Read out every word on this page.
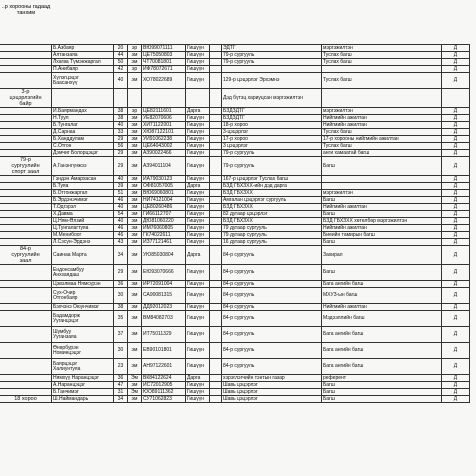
..р хорооны гадаад танхим
	Б.Азбаяр	20	эр	ВЮ99071111	Гишүүн		ЭДТГ	мэргэжилтэн	Д
	Алтанзаяа	44	эм	ЦЕ75050803	Гишүүн		79-р сургууль	Туслах багш	Д
	Лхагва Түмэнжаргал	50	эм	ЧТ70081801	Гишүүн		79-р сургууль	Туслах багш	Д
	П.Анибаяр	42	эр	ИФ78072671	Гишүүн				Д
	Хүлэгцэцэг
Баасанхүү	40	эм	ХО78022689	Гишүүн		129-р цэцэрлэг Эрхэмнэ	Туслах багш	Д
3-р
цэцэрлэгийн
байр							Дэд бүтэц хариуцсан мэргэжилтэн		
	И.Баярмандах	38	эр	ЦЕ82111601	Дарга		БЗДЗДТГ	мэргэжилтэн	Д
	Н.Туул	38	эм	УЕ82070606	Гишүүн		БЗДЗДТГ	Нийгмийн ажилтан	Д
	Б.Тунгалаг	40	эм	ХИ71122001	Гишүүн		18-р хороо	Нийгмийн ажилтан	Д
	Д.Сарнаа	33	эм	ХЮ87122101	Гишүүн		3-цэцэрлэг	Туслах багш	Д
	Б.Ханддулам	29	эм	УИ91062238	Гишүүн		17-р хороо	17-р хорооны нийгмийн ажилтан	Д
	С.Отгон	56	эм	ЦЕ64043002	Гишүүн		3 цэцэрлэг	Туслах багш	Д
	Дэмчиг Болорцэцэг	29	эм	АЗ90022466	Гишүүн		79-р сургууль	анги хамаатай багш	Д
79-р
сургуулийн
спорт заал	А.Ганэнгүнжээ	29	эм	АЗ94011104	Гишүүн		79-р сургууль	Багш	Д
	Гэндэн Амархасан	40	эм	ИА79030123	Гишүүн		167-р цэцэрлэг Туслах багш		Д
	Б.Туяа	39	эм	ОФ81057005	Дарга		БЗД ГБХЗХХ-ийн дэд дарга		Д
	Б.Отгонжаргал	51	эм	ВЮ69060801	Гишүүн		БЗД ГБХЗХХ	мэргэжилтэн	Д
	Б.Эрдэнэчимэг	46	эм	НИ74121004	Гишүүн		Амгалан цэцэрлэг сургууль	Багш	Д
	Т.Одгэрэл	40	эм	ЦЕ80260486	Гишүүн		БЗД ГБХЗХХ	Нийгмийн ажилтан	Д
	Х.Давма	54	эм	ГИ66112707	Гишүүн		82 дугаар цэцэрлэг	Багш	Д
	Ц.Ням-Өлзий	40	эм	ДЮ81060220	Гишүүн		БЗД ГБХЗХХ	БЗД ГБХЗХХ хөтөлбөр мэргэжилтэн	Д
	Ц.Тунгалагтуяа	46	эм	ИМ76060805	Гишүүн		79 дугаар сургууль	Нийгмийн ажилтан	Д
	М.Менибоог	46	эм	ГК74022611	Гишүүн		79 дугаар сургууль	Биеийн тамирын багш	Д
	Л.Сэсүн-Эрдэнэ	43	эм	ИЗ77121461	Гишүүн		16 дугаар сургууль	Багш	Д
84-р
сургуулийн
заал	Саинаа Марта	34	эм	УЮ85030804	Дарга		84-р сургууль	Захирал	Д
	Ендонсамбуу
Анхзаядаш	29	эм	ЕЮ93070666	Гишүүн		84-р сургууль	Багш	Д
	Цэвэлмаа Нямсүрэн	36	эм	ЙР72091004	Гишүүн		84-р сургууль	Бага ангийн багш	Д
	Сүх-Очир
Отгонбаяр	30	эм	СА90081315	Гишүүн		84-р сургууль	МХУЗ-ын багш	Д
	Бэхчэнэ Оюунчимэг	38	эм	ДД92012023	Гишүүн		84-р сургууль	Нийгмийн ажилтан	Д
	Бадамдорж
Ууганцэцэг	35	эм	ВМ84082703	Гишүүн		84-р сургууль	Мэдээллийн багш	Д
	Шумбуу
Ууганзаяа	37	эм	ИТ75011329	Гишүүн		84-р сургууль	Бага ангийн багш	Д
	Өнөрбурэн
Номинцэцэг	30	эм	ЕВ90101801	Гишүүн		84-р сургууль	Бага ангийн багш	Д
	Баярцэцэг
Халиунтуяа	23	эм	АН97122601	Гишүүн		84-р сургууль	Бага ангийн багш	Д
	Нямхүү Наранцэцэг	36	Эм	ВК84122624	Дарга		хэрэглэгчийн тэнтын газар	референт	Д
	А.Наранцэцэг	47	эм	ИС72012905	Гишүүн		Шавь цэцэрлэг	Багш	Д
	Б.Ганчимэг	31	Эм	ЮО89111362	Гишүүн		Шавь цэцэрлэг	Багш	Д
18 хороо	Ш.Наймандарь	34	эм	СУ71062823	Гишүүн		Шавь цэцэрлэг	Багш	Д
